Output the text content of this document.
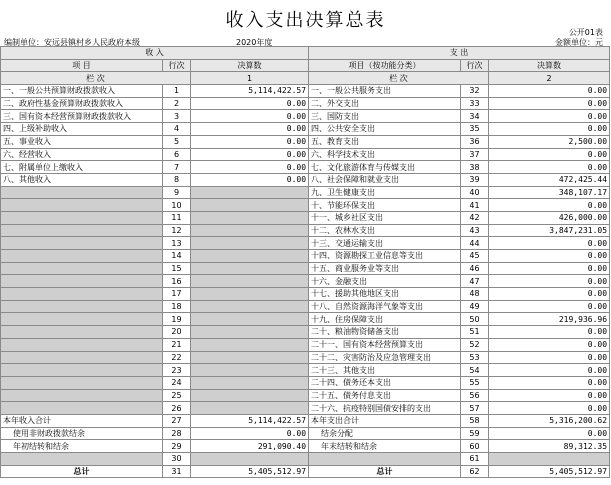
收入支出决算总表
公开01表
编制单位：安远县镇村乡人民政府本级	2020年度	金额单位：元
收 入			支 出		
项 目	行次	决算数	项目（按功能分类）	行次	决算数
栏 次		1	栏 次		2
一、一般公共预算财政拨款收入	1	5,114,422.57	一、一般公共服务支出	32	0.00
二、政府性基金预算财政拨款收入	2	0.00	二、外交支出	33	0.00
三、国有资本经营预算财政拨款收入	3	0.00	三、国防支出	34	0.00
四、上级补助收入	4	0.00	四、公共安全支出	35	0.00
五、事业收入	5	0.00	五、教育支出	36	2,500.00
六、经营收入	6	0.00	六、科学技术支出	37	0.00
七、附属单位上缴收入	7	0.00	七、文化旅游体育与传媒支出	38	0.00
八、其他收入	8	0.00	八、社会保障和就业支出	39	472,425.44
	9		九、卫生健康支出	40	348,107.17
	10		十、节能环保支出	41	0.00
	11		十一、城乡社区支出	42	426,000.00
	12		十二、农林水支出	43	3,847,231.05
	13		十三、交通运输支出	44	0.00
	14		十四、资源勘探工业信息等支出	45	0.00
	15		十五、商业服务业等支出	46	0.00
	16		十六、金融支出	47	0.00
	17		十七、援助其他地区支出	48	0.00
	18		十八、自然资源海洋气象等支出	49	0.00
	19		十九、住房保障支出	50	219,936.96
	20		二十、粮油物资储备支出	51	0.00
	21		二十一、国有资本经营预算支出	52	0.00
	22		二十二、灾害防治及应急管理支出	53	0.00
	23		二十三、其他支出	54	0.00
	24		二十四、债务还本支出	55	0.00
	25		二十五、债务付息支出	56	0.00
	26		二十六、抗疫特别国债安排的支出	57	0.00
本年收入合计	27	5,114,422.57	本年支出合计	58	5,316,200.62
使用非财政拨款结余	28	0.00	结余分配	59	0.00
年初结转和结余	29	291,090.40	年末结转和结余	60	89,312.35
	30			61	
总计	31	5,405,512.97	总计	62	5,405,512.97
